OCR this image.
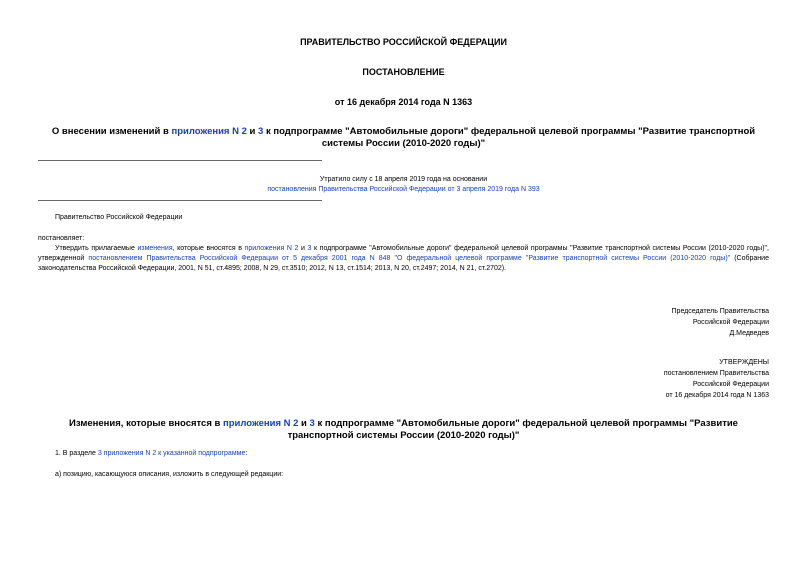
ПРАВИТЕЛЬСТВО РОССИЙСКОЙ ФЕДЕРАЦИИ
ПОСТАНОВЛЕНИЕ
от 16 декабря 2014 года N 1363
О внесении изменений в приложения N 2 и 3 к подпрограмме "Автомобильные дороги" федеральной целевой программы "Развитие транспортной системы России (2010-2020 годы)"
Утратило силу с 18 апреля 2019 года на основании
постановления Правительства Российской Федерации от 3 апреля 2019 года N 393
Правительство Российской Федерации
постановляет:
Утвердить прилагаемые изменения, которые вносятся в приложения N 2 и 3 к подпрограмме "Автомобильные дороги" федеральной целевой программы "Развитие транспортной системы России (2010-2020 годы)", утвержденной постановлением Правительства Российской Федерации от 5 декабря 2001 года N 848 "О федеральной целевой программе "Развитие транспортной системы России (2010-2020 годы)" (Собрание законодательства Российской Федерации, 2001, N 51, ст.4895; 2008, N 29, ст.3510; 2012, N 13, ст.1514; 2013, N 20, ст.2497; 2014, N 21, ст.2702).
Председатель Правительства
Российской Федерации
Д.Медведев
УТВЕРЖДЕНЫ
постановлением Правительства
Российской Федерации
от 16 декабря 2014 года N 1363
Изменения, которые вносятся в приложения N 2 и 3 к подпрограмме "Автомобильные дороги" федеральной целевой программы "Развитие транспортной системы России (2010-2020 годы)"
1. В разделе 3 приложения N 2 к указанной подпрограмме:
а) позицию, касающуюся описания, изложить в следующей редакции:
